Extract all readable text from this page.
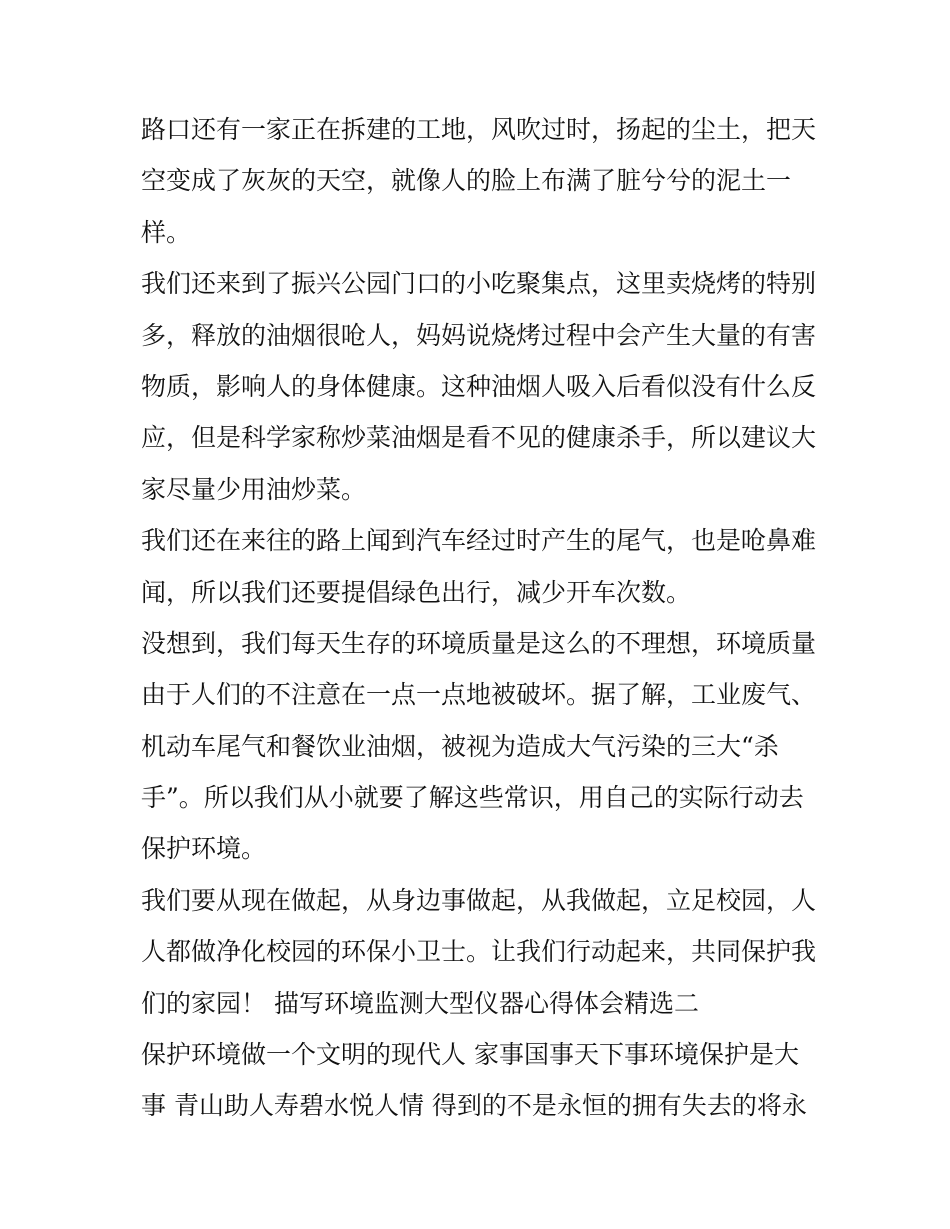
路口还有一家正在拆建的工地，风吹过时，扬起的尘土，把天
空变成了灰灰的天空，就像人的脸上布满了脏兮兮的泥土一
样。
我们还来到了振兴公园门口的小吃聚集点，这里卖烧烤的特别
多，释放的油烟很呛人，妈妈说烧烤过程中会产生大量的有害
物质，影响人的身体健康。这种油烟人吸入后看似没有什么反
应，但是科学家称炒菜油烟是看不见的健康杀手，所以建议大
家尽量少用油炒菜。
我们还在来往的路上闻到汽车经过时产生的尾气，也是呛鼻难
闻，所以我们还要提倡绿色出行，减少开车次数。
没想到，我们每天生存的环境质量是这么的不理想，环境质量
由于人们的不注意在一点一点地被破坏。据了解，工业废气、
机动车尾气和餐饮业油烟，被视为造成大气污染的三大“杀
手”。所以我们从小就要了解这些常识，用自己的实际行动去
保护环境。
我们要从现在做起，从身边事做起，从我做起，立足校园，人
人都做净化校园的环保小卫士。让我们行动起来，共同保护我
们的家园！ 描写环境监测大型仪器心得体会精选二
保护环境做一个文明的现代人 家事国事天下事环境保护是大
事 青山助人寿碧水悦人情 得到的不是永恒的拥有失去的将永
